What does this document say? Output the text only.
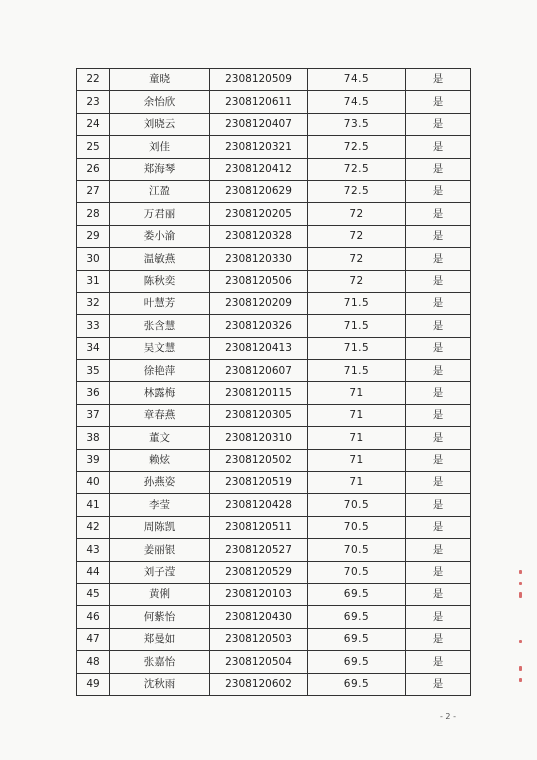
22	童晓	2308120509	74.5	是
23	余怡欣	2308120611	74.5	是
24	刘晓云	2308120407	73.5	是
25	刘佳	2308120321	72.5	是
26	郑海琴	2308120412	72.5	是
27	江盈	2308120629	72.5	是
28	万君丽	2308120205	72	是
29	娄小渝	2308120328	72	是
30	温敏燕	2308120330	72	是
31	陈秋奕	2308120506	72	是
32	叶慧芳	2308120209	71.5	是
33	张含慧	2308120326	71.5	是
34	吴文慧	2308120413	71.5	是
35	徐艳萍	2308120607	71.5	是
36	林露梅	2308120115	71	是
37	章春燕	2308120305	71	是
38	董文	2308120310	71	是
39	赖炫	2308120502	71	是
40	孙燕姿	2308120519	71	是
41	李莹	2308120428	70.5	是
42	周陈凯	2308120511	70.5	是
43	姜丽银	2308120527	70.5	是
44	刘子滢	2308120529	70.5	是
45	黄俐	2308120103	69.5	是
46	何紫怡	2308120430	69.5	是
47	郑曼如	2308120503	69.5	是
48	张嘉怡	2308120504	69.5	是
49	沈秋雨	2308120602	69.5	是
- 2 -
